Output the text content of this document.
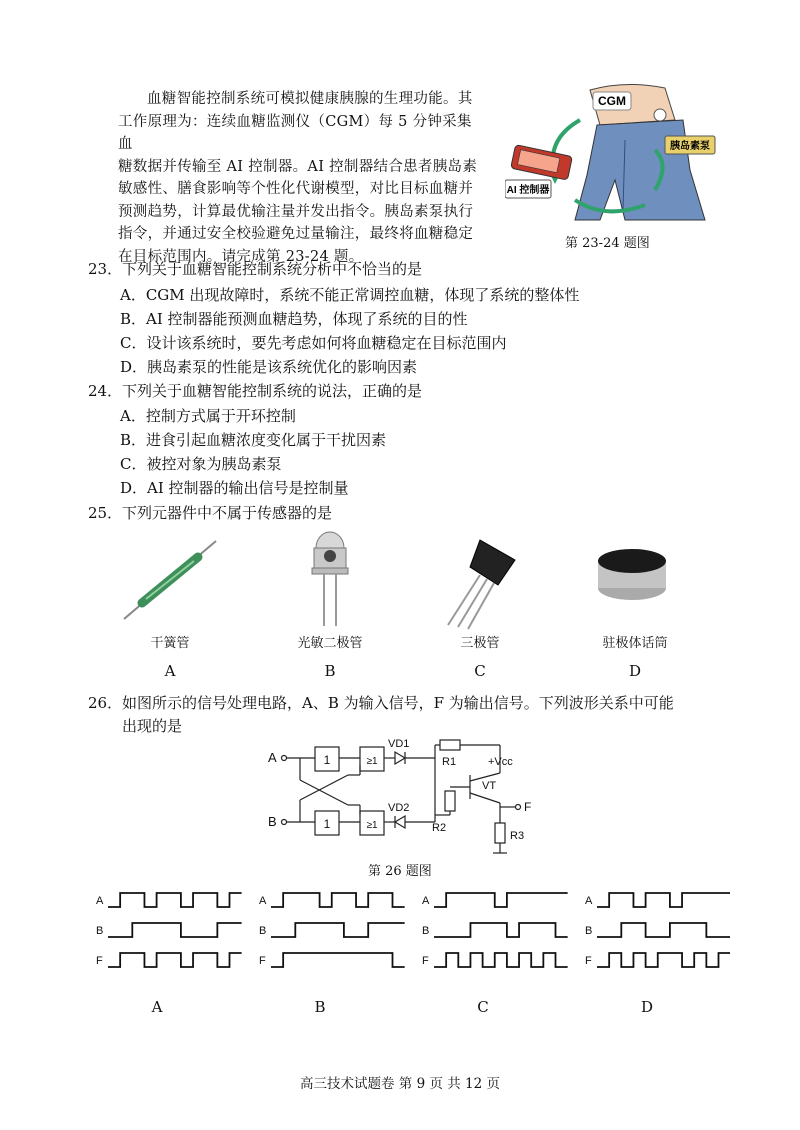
血糖智能控制系统可模拟健康胰腺的生理功能。其
工作原理为：连续血糖监测仪（CGM）每 5 分钟采集血
糖数据并传输至 AI 控制器。AI 控制器结合患者胰岛素
敏感性、膳食影响等个性化代谢模型，对比目标血糖并
预测趋势，计算最优输注量并发出指令。胰岛素泵执行
指令，并通过安全校验避免过量输注，最终将血糖稳定
在目标范围内。请完成第 23-24 题。
CGM
胰岛素泵
AI 控制器
第 23-24 题图
23．下列关于血糖智能控制系统分析中不恰当的是
A．CGM 出现故障时，系统不能正常调控血糖，体现了系统的整体性
B．AI 控制器能预测血糖趋势，体现了系统的目的性
C．设计该系统时，要先考虑如何将血糖稳定在目标范围内
D．胰岛素泵的性能是该系统优化的影响因素
24．下列关于血糖智能控制系统的说法，正确的是
A．控制方式属于开环控制
B．进食引起血糖浓度变化属于干扰因素
C．被控对象为胰岛素泵
D．AI 控制器的输出信号是控制量
25．下列元器件中不属于传感器的是
干簧管	光敏二极管	三极管	驻极体话筒
A	B	C	D
26．如图所示的信号处理电路，A、B 为输入信号，F 为输出信号。下列波形关系中可能
出现的是
A	1	≥1
VD1
R1	+Vcc
VT
F
R3
R2
B	1	≥1
VD2
第 26 题图
A
B
F
A
B
F
A
B
F
A
B
F
A	B	C	D
高三技术试题卷 第 9 页 共 12 页
